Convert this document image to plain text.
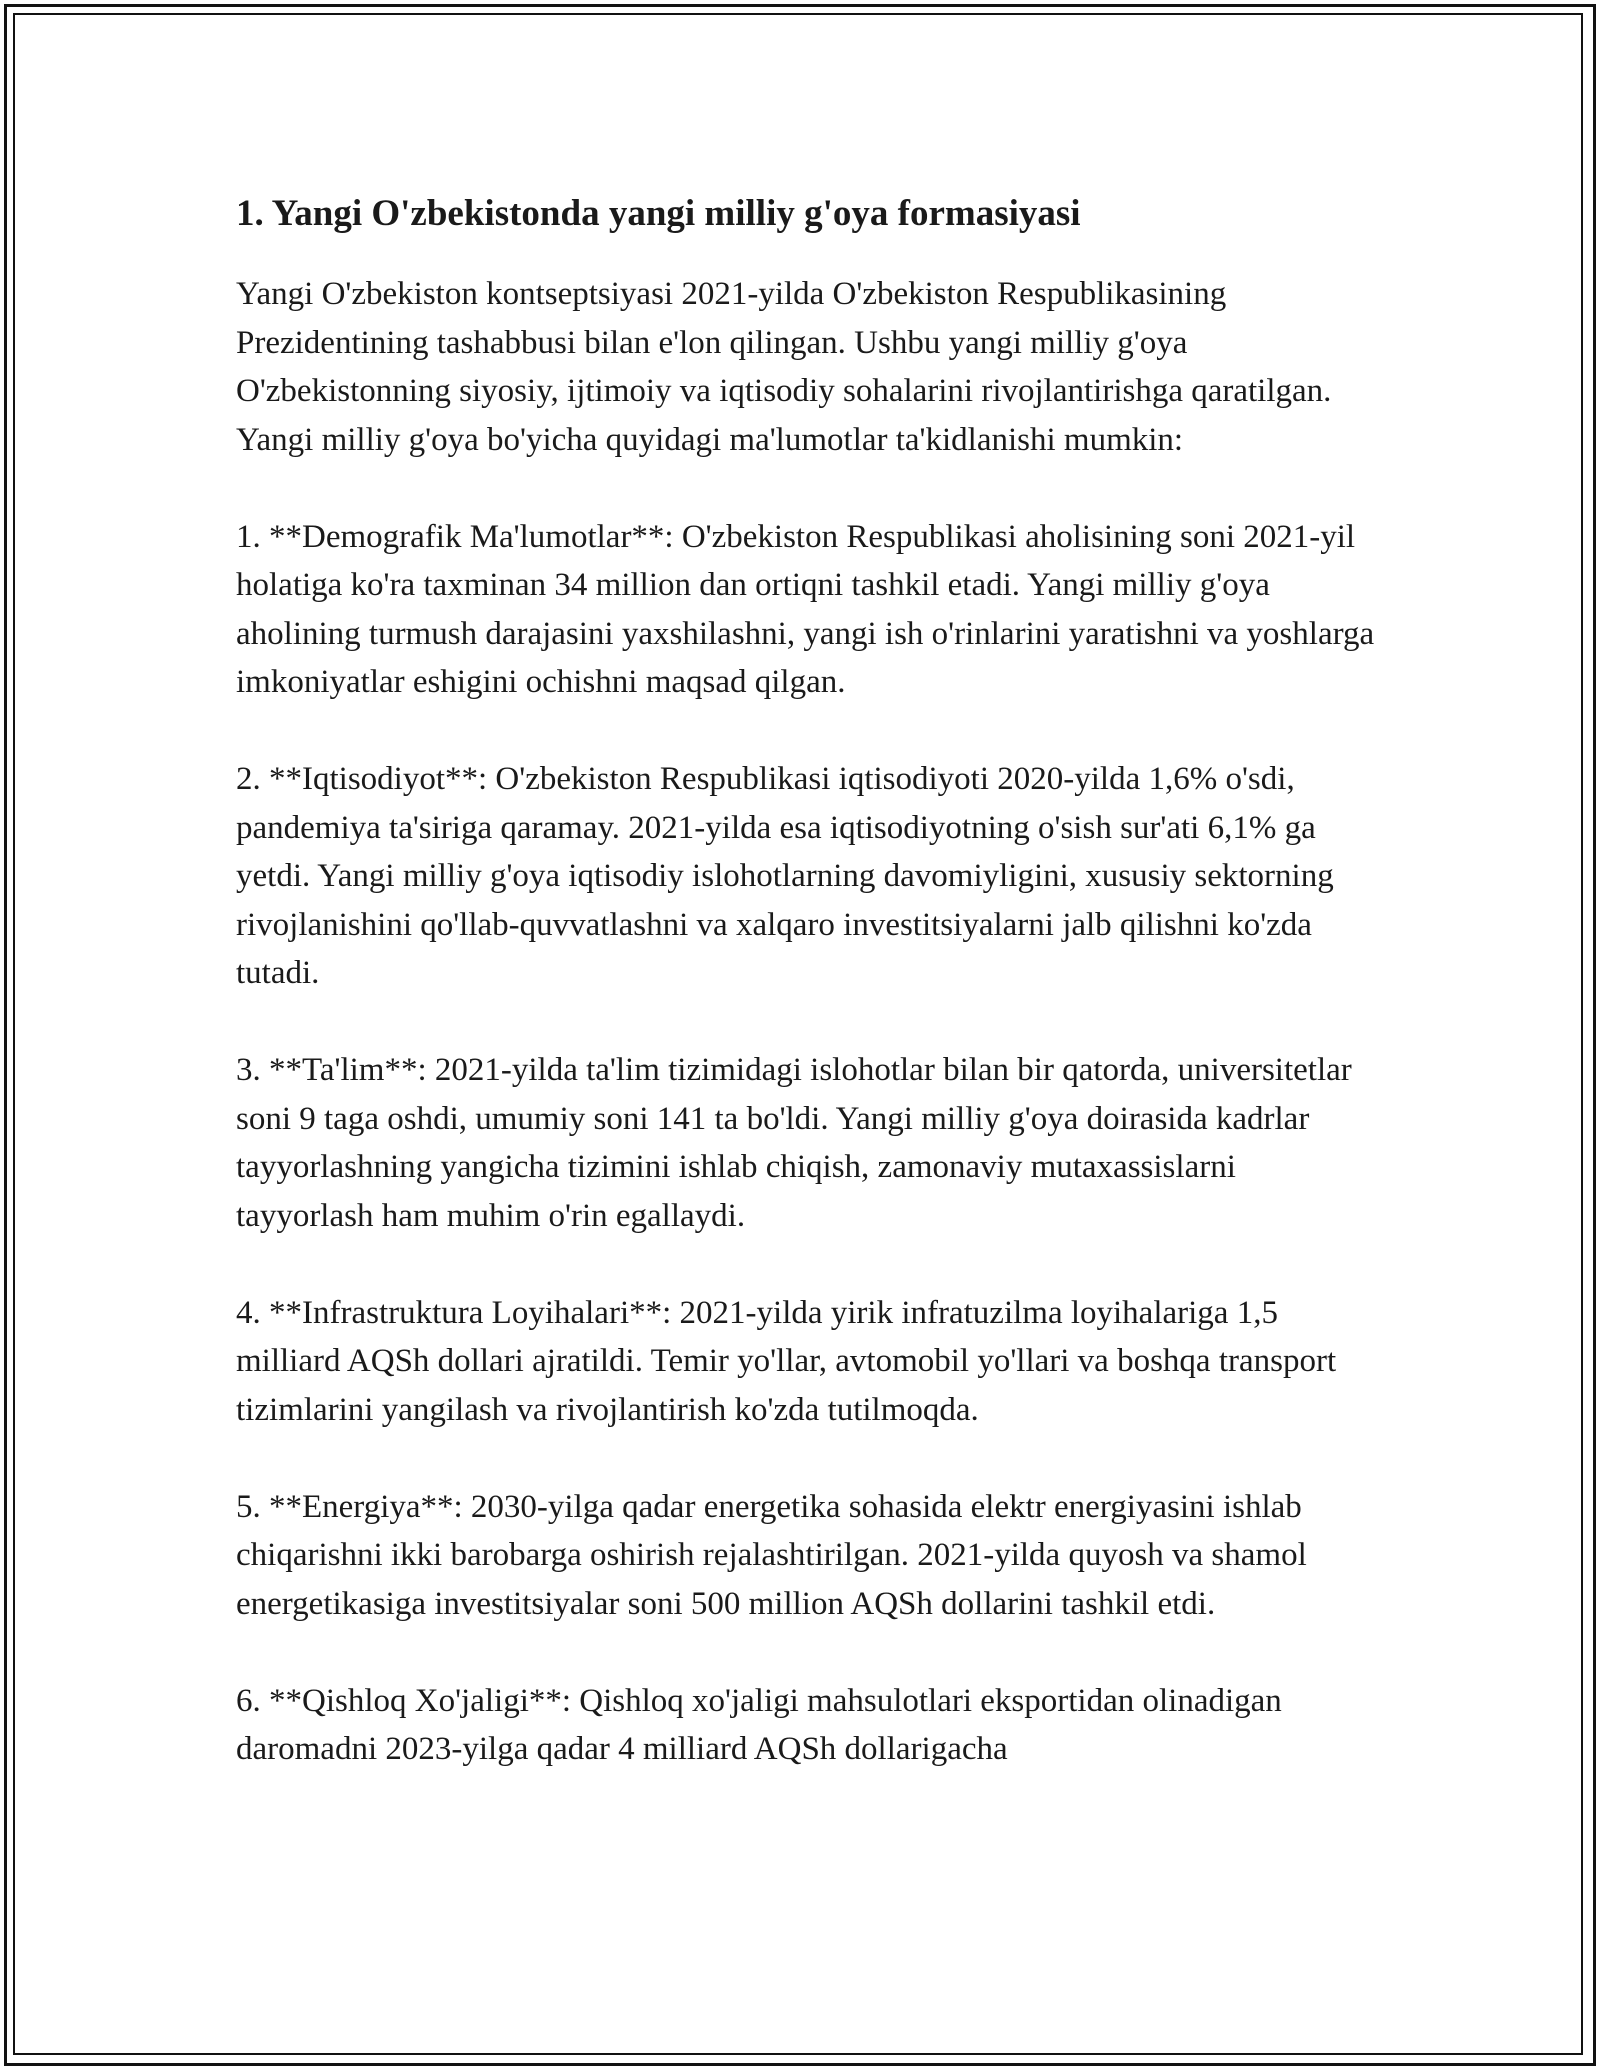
1. Yangi O'zbekistonda yangi milliy g'oya formasiyasi

Yangi O'zbekiston kontseptsiyasi 2021-yilda O'zbekiston Respublikasining Prezidentining tashabbusi bilan e'lon qilingan. Ushbu yangi milliy g'oya O'zbekistonning siyosiy, ijtimoiy va iqtisodiy sohalarini rivojlantirishga qaratilgan. Yangi milliy g'oya bo'yicha quyidagi ma'lumotlar ta'kidlanishi mumkin:

1. **Demografik Ma'lumotlar**: O'zbekiston Respublikasi aholisining soni 2021-yil holatiga ko'ra taxminan 34 million dan ortiqni tashkil etadi. Yangi milliy g'oya aholining turmush darajasini yaxshilashni, yangi ish o'rinlarini yaratishni va yoshlarga imkoniyatlar eshigini ochishni maqsad qilgan.

2. **Iqtisodiyot**: O'zbekiston Respublikasi iqtisodiyoti 2020-yilda 1,6% o'sdi, pandemiya ta'siriga qaramay. 2021-yilda esa iqtisodiyotning o'sish sur'ati 6,1% ga yetdi. Yangi milliy g'oya iqtisodiy islohotlarning davomiyligini, xususiy sektorning rivojlanishini qo'llab-quvvatlashni va xalqaro investitsiyalarni jalb qilishni ko'zda tutadi.

3. **Ta'lim**: 2021-yilda ta'lim tizimidagi islohotlar bilan bir qatorda, universitetlar soni 9 taga oshdi, umumiy soni 141 ta bo'ldi. Yangi milliy g'oya doirasida kadrlar tayyorlashning yangicha tizimini ishlab chiqish, zamonaviy mutaxassislarni tayyorlash ham muhim o'rin egallaydi.

4. **Infrastruktura Loyihalari**: 2021-yilda yirik infratuzilma loyihalariga 1,5 milliard AQSh dollari ajratildi. Temir yo'llar, avtomobil yo'llari va boshqa transport tizimlarini yangilash va rivojlantirish ko'zda tutilmoqda.

5. **Energiya**: 2030-yilga qadar energetika sohasida elektr energiyasini ishlab chiqarishni ikki barobarga oshirish rejalashtirilgan. 2021-yilda quyosh va shamol energetikasiga investitsiyalar soni 500 million AQSh dollarini tashkil etdi.

6. **Qishloq Xo'jaligi**: Qishloq xo'jaligi mahsulotlari eksportidan olinadigan daromadni 2023-yilga qadar 4 milliard AQSh dollarigacha
